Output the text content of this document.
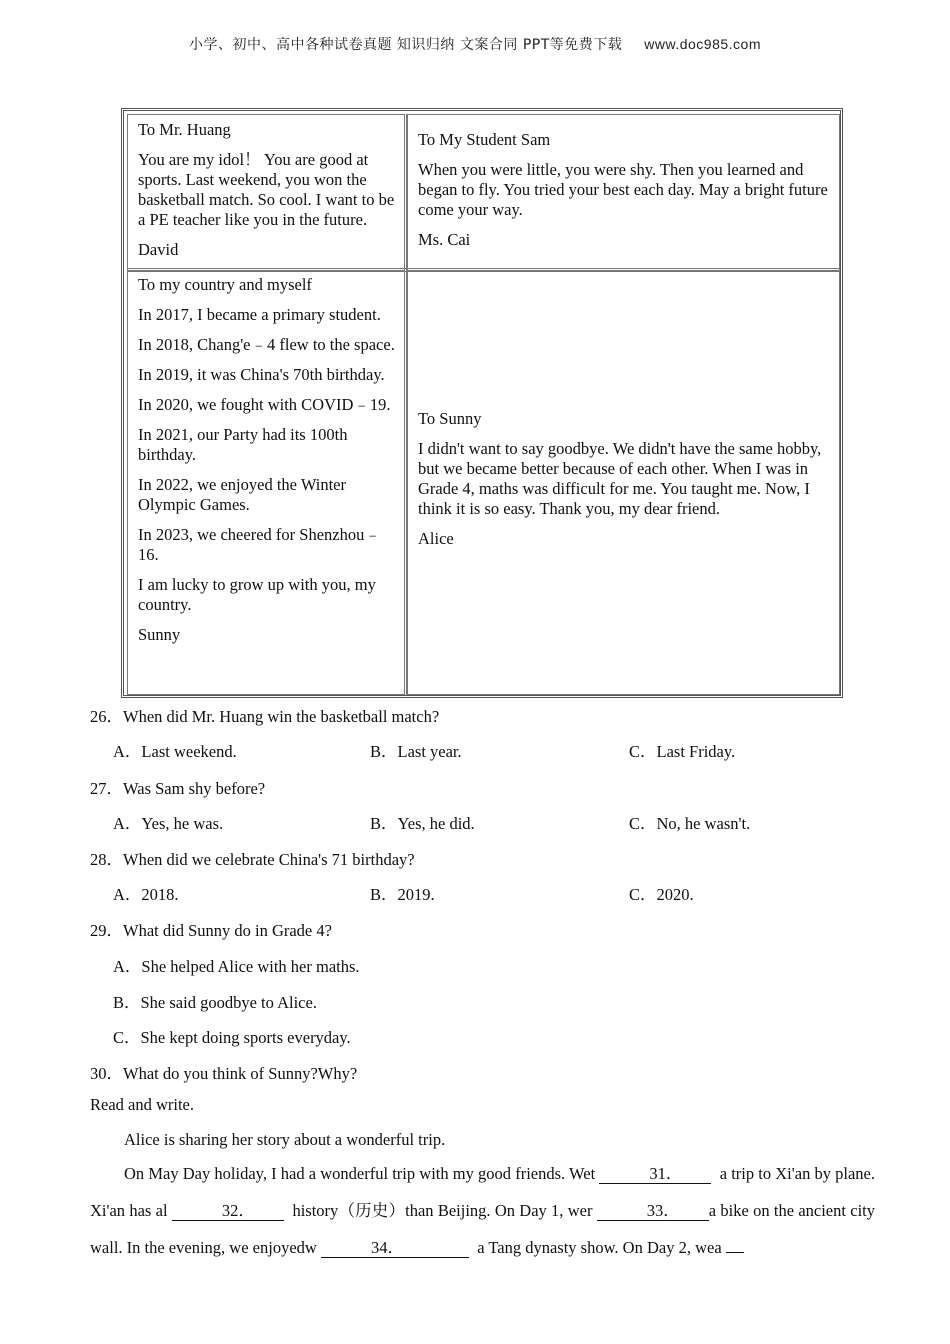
小学、初中、高中各种试卷真题 知识归纳 文案合同 PPT等免费下载 www.doc985.com

To Mr. Huang

You are my idol！ You are good at sports. Last weekend, you won the basketball match. So cool. I want to be a PE teacher like you in the future.

David

To My Student Sam

When you were little, you were shy. Then you learned and began to fly. You tried your best each day. May a bright future come your way.

Ms. Cai

To my country and myself

In 2017, I became a primary student.

In 2018, Chang'e﹣4 flew to the space.

In 2019, it was China's 70th birthday.

In 2020, we fought with COVID﹣19.

In 2021, our Party had its 100th birthday.

In 2022, we enjoyed the Winter Olympic Games.

In 2023, we cheered for Shenzhou﹣16.

I am lucky to grow up with you, my country.

Sunny

To Sunny

I didn't want to say goodbye. We didn't have the same hobby, but we became better because of each other. When I was in Grade 4, maths was difficult for me. You taught me. Now, I think it is so easy. Thank you, my dear friend.

Alice

26．When did Mr. Huang win the basketball match?
A．Last weekend.	B．Last year.	C．Last Friday.
27．Was Sam shy before?
A．Yes, he was.	B．Yes, he did.	C．No, he wasn't.
28．When did we celebrate China's 71 birthday?
A．2018.	B．2019.	C．2020.
29．What did Sunny do in Grade 4?
A．She helped Alice with her maths.
B．She said goodbye to Alice.
C．She kept doing sports everyday.
30．What do you think of Sunny?Why?
Read and write.
Alice is sharing her story about a wonderful trip.
On May Day holiday, I had a wonderful trip with my good friends. Wet	31． a trip to Xi'an by plane. Xi'an has al	32． history（历史）than Beijing. On Day 1, wer	33． a bike on the ancient city wall. In the evening, we enjoyedw	34．	a Tang dynasty show. On Day 2, wea
